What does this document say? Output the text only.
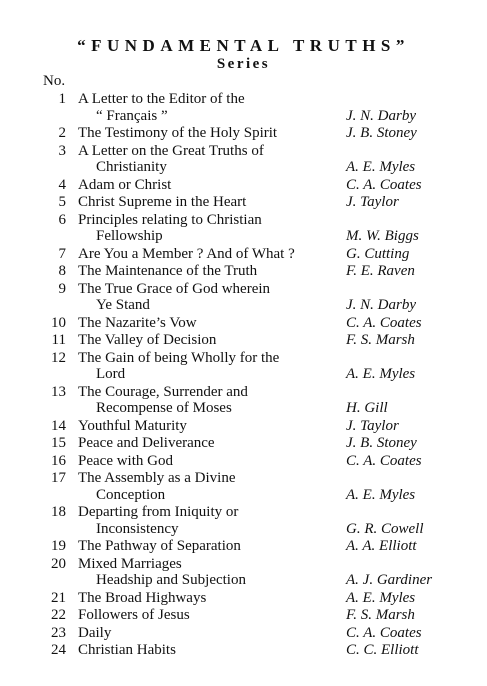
“FUNDAMENTAL TRUTHS”
Series
No.
1 A Letter to the Editor of the
“ Français ”	J. N. Darby
2 The Testimony of the Holy Spirit	J. B. Stoney
3 A Letter on the Great Truths of
Christianity	A. E. Myles
4 Adam or Christ	C. A. Coates
5 Christ Supreme in the Heart	J. Taylor
6 Principles relating to Christian
Fellowship	M. W. Biggs
7 Are You a Member ? And of What ?	G. Cutting
8 The Maintenance of the Truth	F. E. Raven
9 The True Grace of God wherein
Ye Stand	J. N. Darby
10 The Nazarite’s Vow	C. A. Coates
11 The Valley of Decision	F. S. Marsh
12 The Gain of being Wholly for the
Lord	A. E. Myles
13 The Courage, Surrender and
Recompense of Moses	H. Gill
14 Youthful Maturity	J. Taylor
15 Peace and Deliverance	J. B. Stoney
16 Peace with God	C. A. Coates
17 The Assembly as a Divine
Conception	A. E. Myles
18 Departing from Iniquity or
Inconsistency	G. R. Cowell
19 The Pathway of Separation	A. A. Elliott
20 Mixed Marriages
Headship and Subjection	A. J. Gardiner
21 The Broad Highways	A. E. Myles
22 Followers of Jesus	F. S. Marsh
23 Daily	C. A. Coates
24 Christian Habits	C. C. Elliott
